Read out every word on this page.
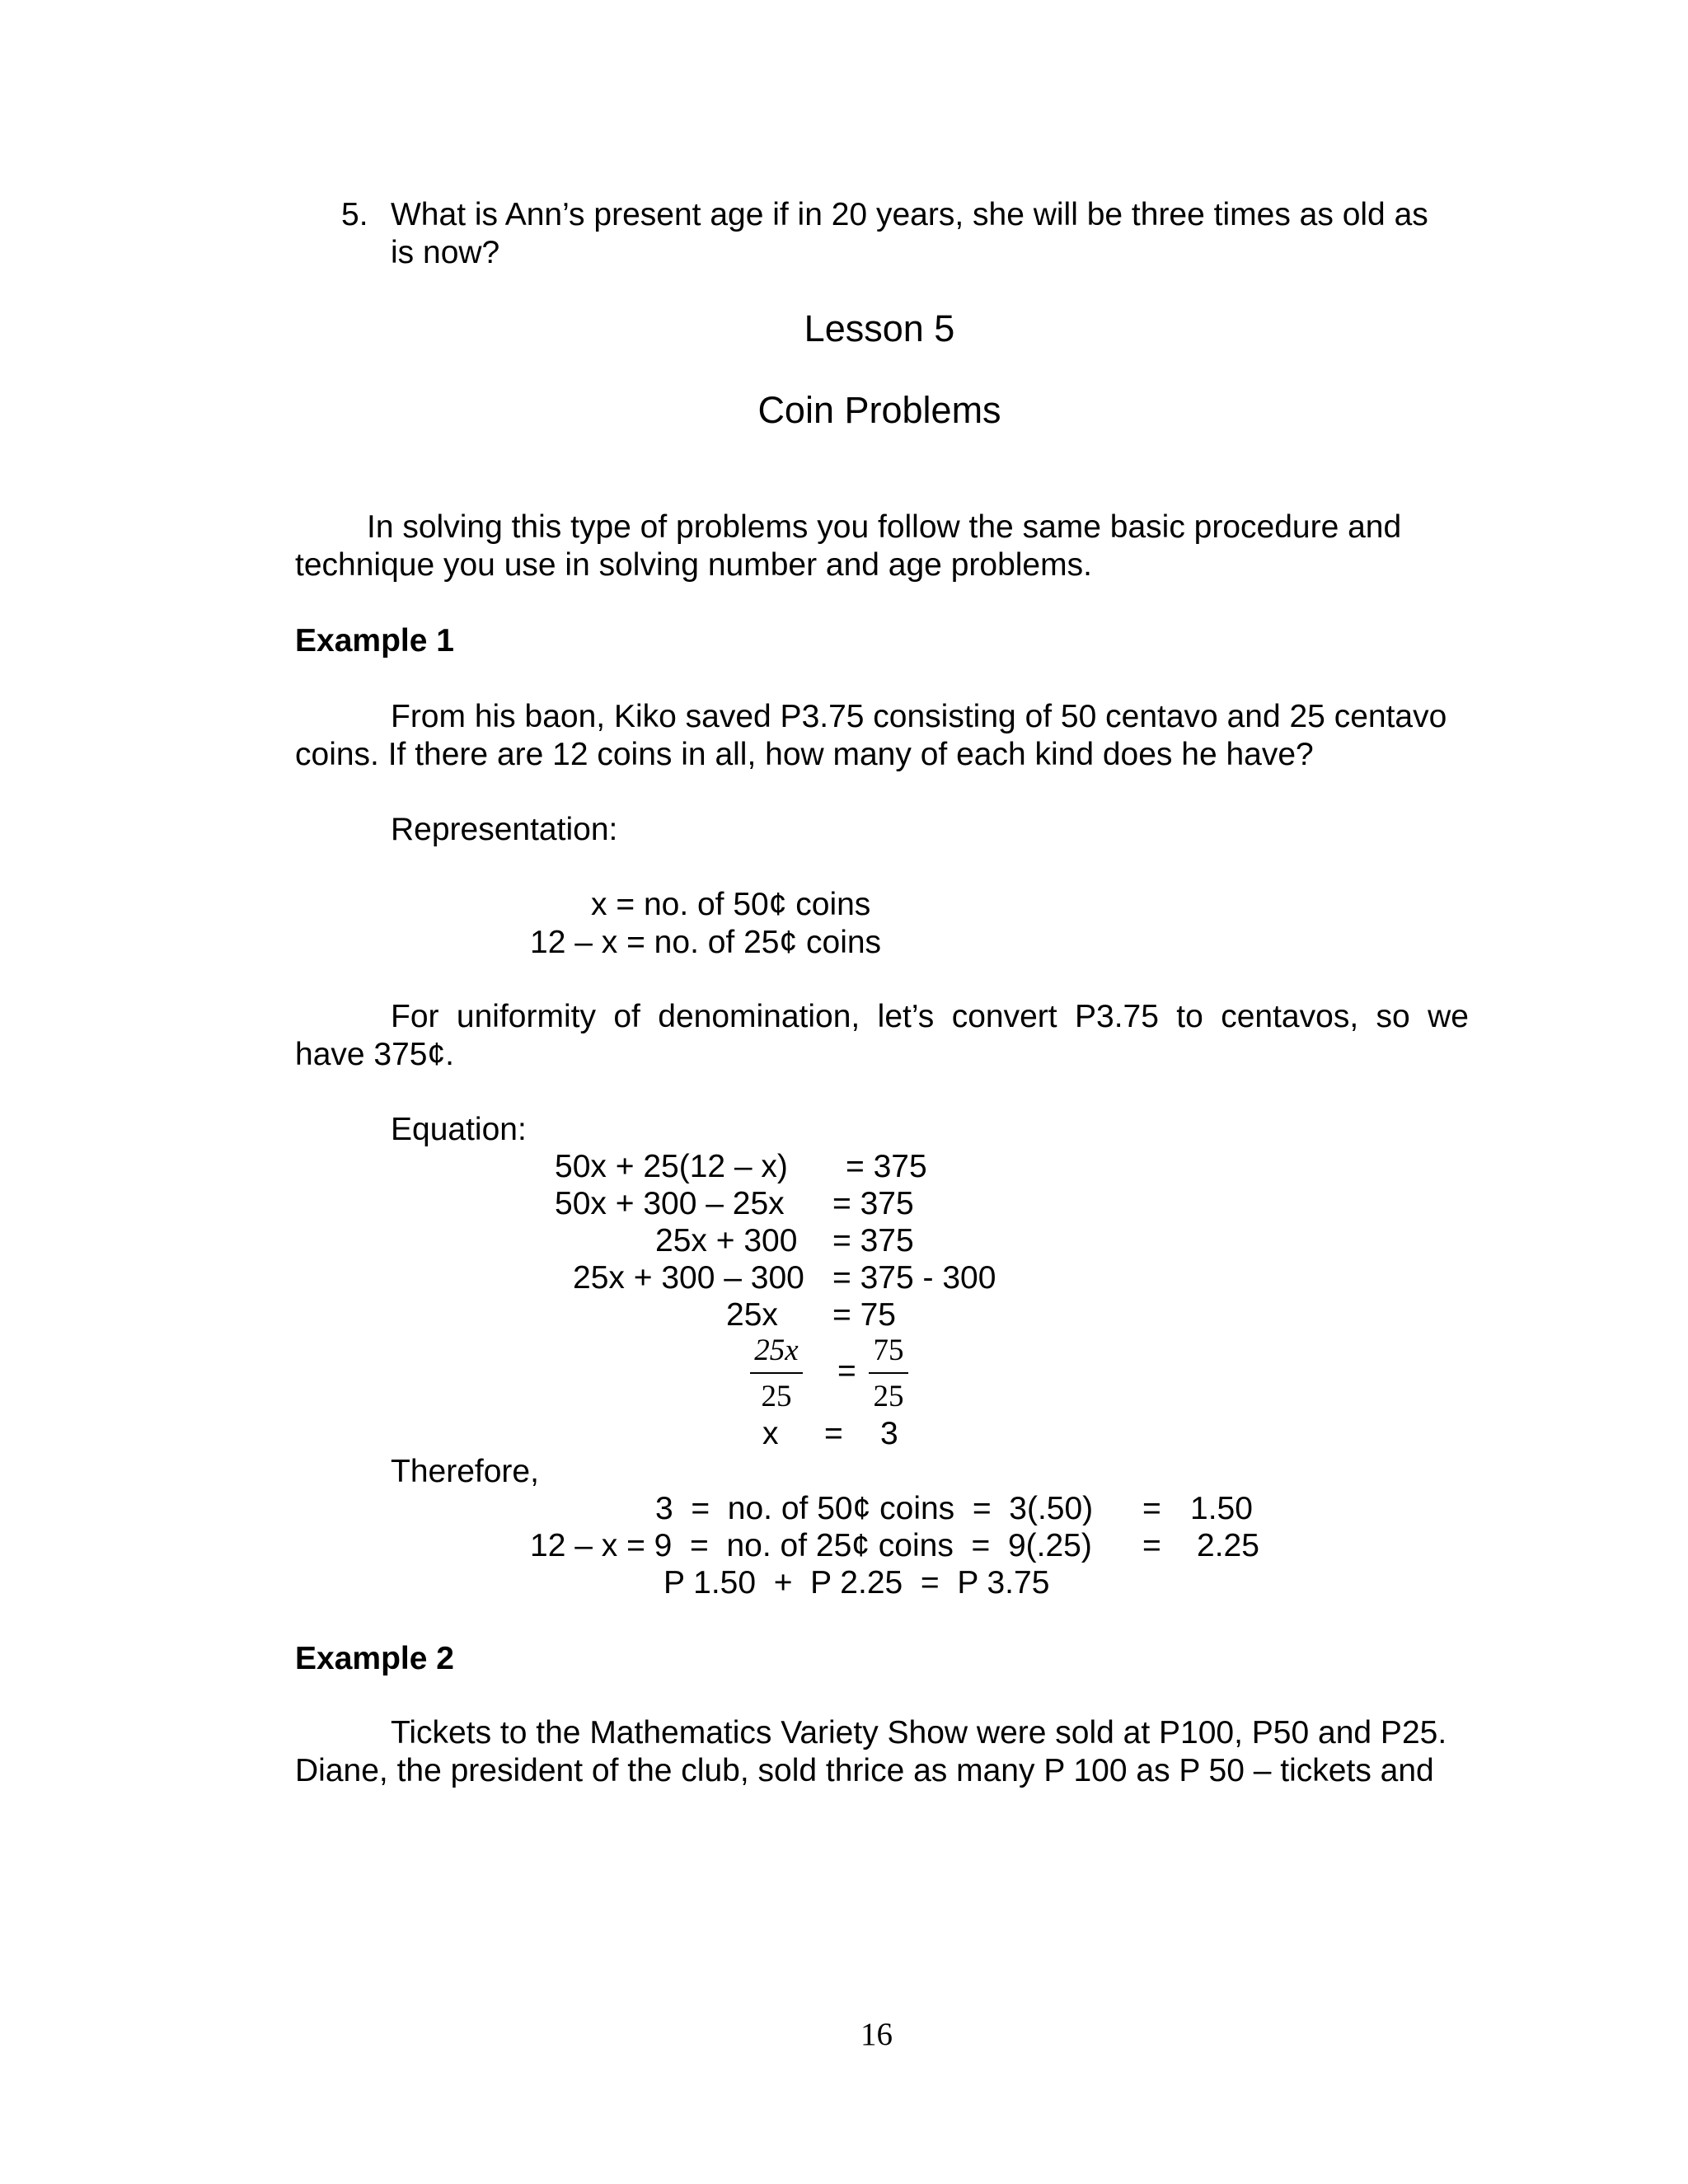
5. What is Ann’s present age if in 20 years, she will be three times as old as
is now?
Lesson 5
Coin Problems
In solving this type of problems you follow the same basic procedure and
technique you use in solving number and age problems.
Example 1
From his baon, Kiko saved P3.75 consisting of 50 centavo and 25 centavo
coins. If there are 12 coins in all, how many of each kind does he have?
Representation:
x = no. of 50¢ coins
12 – x = no. of 25¢ coins
For uniformity of denomination, let’s convert P3.75 to centavos, so we
have 375¢.
Equation:
50x + 25(12 – x) = 375
50x + 300 – 25x = 375
25x + 300 = 375
25x + 300 – 300 = 375 - 300
25x = 75
25x
25
=
75
25
x = 3
Therefore,
3  =  no. of 50¢ coins  =  3(.50) = 1.50
12 – x = 9  =  no. of 25¢ coins  =  9(.25) = 2.25
P 1.50  +  P 2.25  =  P 3.75
Example 2
Tickets to the Mathematics Variety Show were sold at P100, P50 and P25.
Diane, the president of the club, sold thrice as many P 100 as P 50 – tickets and
16
